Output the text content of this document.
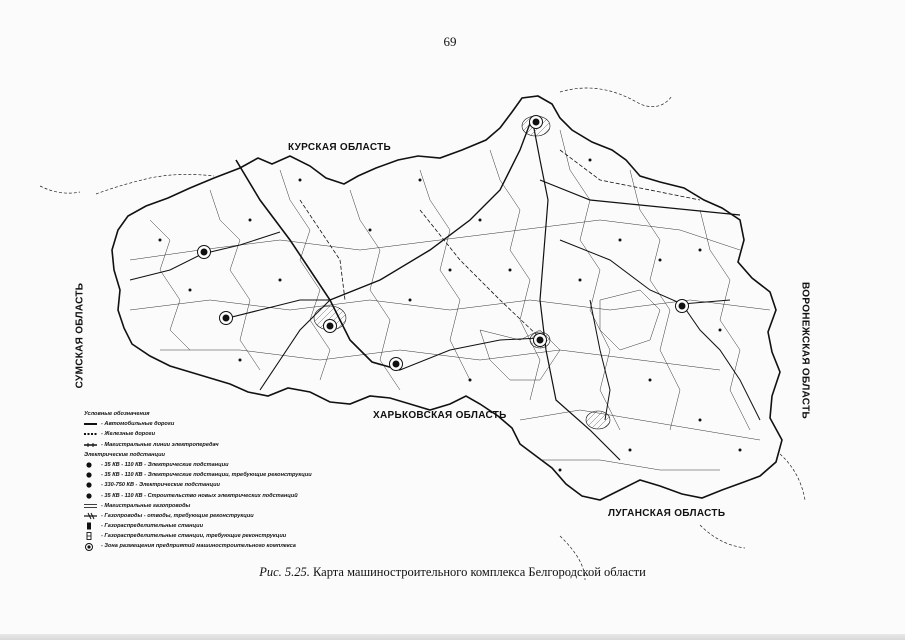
69
КУРСКАЯ ОБЛАСТЬ
СУМСКАЯ ОБЛАСТЬ
ХАРЬКОВСКАЯ ОБЛАСТЬ	ВОРОНЕЖСКАЯ ОБЛАСТЬ
ЛУГАНСКАЯ ОБЛАСТЬ
Условные обозначения
- Автомобильные дороги
- Железные дороги
- Магистральные линии электропередач
Электрические подстанции
- 35 КВ - 110 КВ - Электрические подстанции
- 35 КВ - 110 КВ - Электрические подстанции, требующие реконструкции
- 330-750 КВ - Электрические подстанции
- 35 КВ - 110 КВ - Строительство новых электрических подстанций
- Магистральные газопроводы
- Газопроводы - отводы, требующие реконструкции
- Газораспределительные станции
- Газораспределительные станции, требующие реконструкции
- Зона размещения предприятий машиностроительного комплекса
Рис. 5.25. Карта машиностроительного комплекса Белгородской области
